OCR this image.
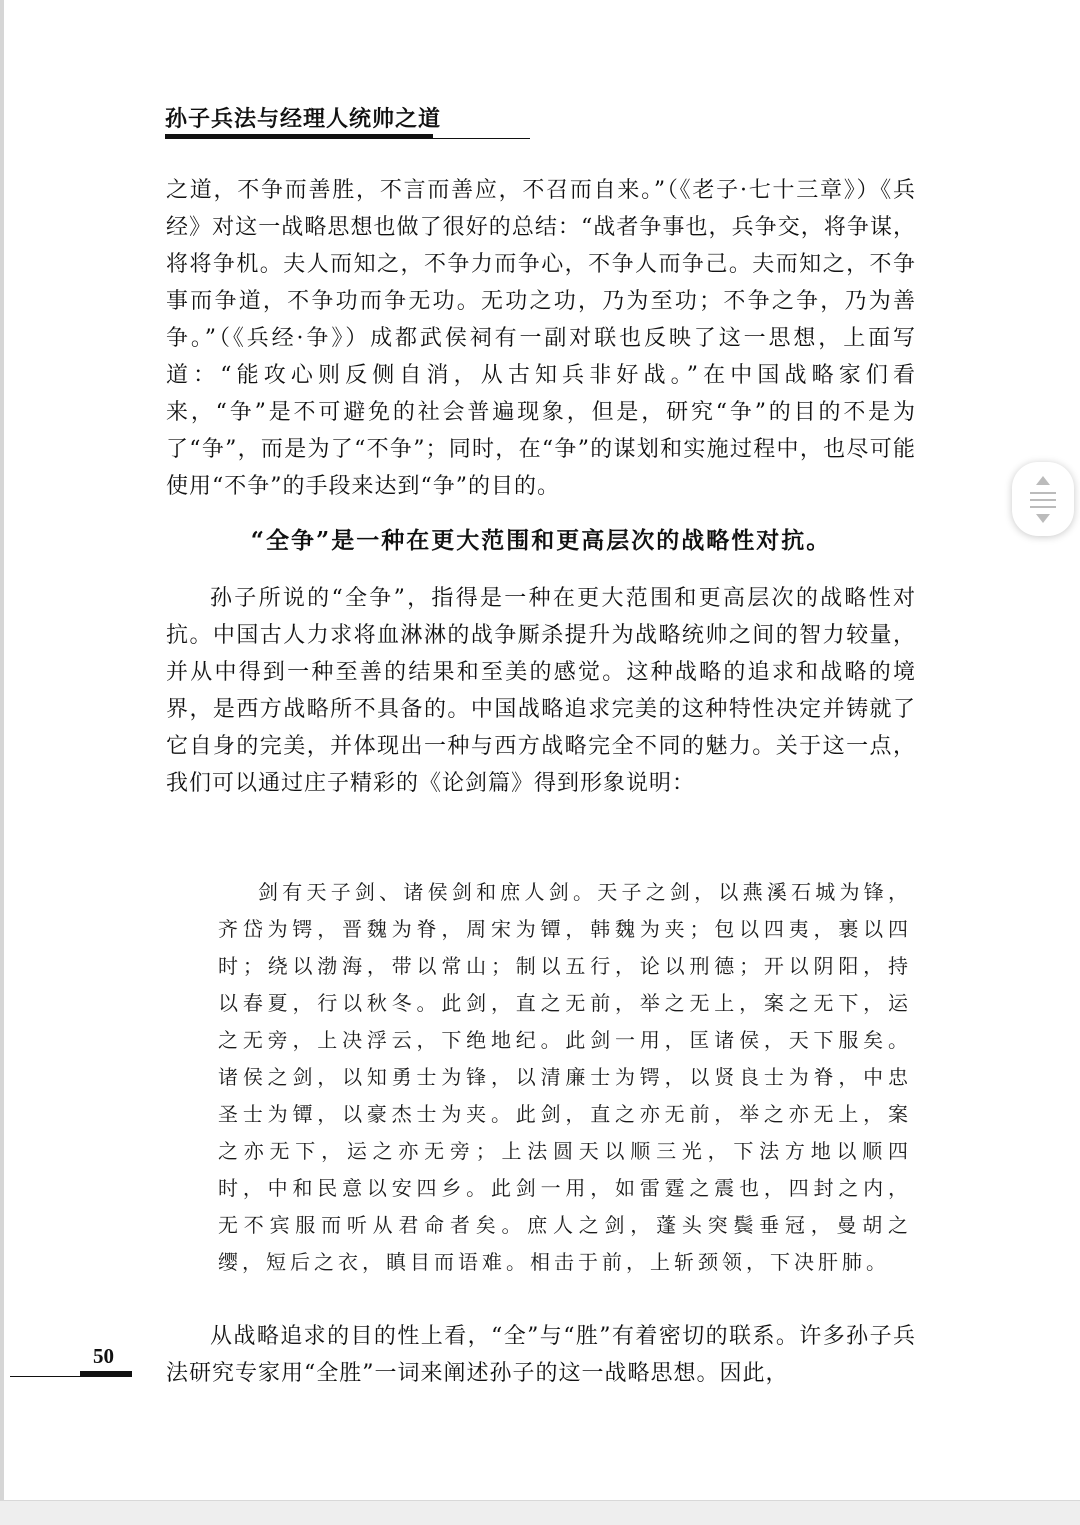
孙子兵法与经理人统帅之道
之道，不争而善胜，不言而善应，不召而自来。”（《老子·七十三章》）《兵经》对这一战略思想也做了很好的总结：“战者争事也，兵争交，将争谋，将将争机。夫人而知之，不争力而争心，不争人而争己。夫而知之，不争事而争道，不争功而争无功。无功之功，乃为至功；不争之争，乃为善争。”（《兵经·争》）成都武侯祠有一副对联也反映了这一思想，上面写道：“能攻心则反侧自消，从古知兵非好战。”在中国战略家们看来，“争”是不可避免的社会普遍现象，但是，研究“争”的目的不是为了“争”，而是为了“不争”；同时，在“争”的谋划和实施过程中，也尽可能使用“不争”的手段来达到“争”的目的。
“全争”是一种在更大范围和更高层次的战略性对抗。
孙子所说的“全争”，指得是一种在更大范围和更高层次的战略性对抗。中国古人力求将血淋淋的战争厮杀提升为战略统帅之间的智力较量，并从中得到一种至善的结果和至美的感觉。这种战略的追求和战略的境界，是西方战略所不具备的。中国战略追求完美的这种特性决定并铸就了它自身的完美，并体现出一种与西方战略完全不同的魅力。关于这一点，我们可以通过庄子精彩的《论剑篇》得到形象说明：
剑有天子剑、诸侯剑和庶人剑。天子之剑，以燕溪石城为锋，齐岱为锷，晋魏为脊，周宋为镡，韩魏为夹；包以四夷，裹以四时；绕以渤海，带以常山；制以五行，论以刑德；开以阴阳，持以春夏，行以秋冬。此剑，直之无前，举之无上，案之无下，运之无旁，上决浮云，下绝地纪。此剑一用，匡诸侯，天下服矣。诸侯之剑，以知勇士为锋，以清廉士为锷，以贤良士为脊，中忠圣士为镡，以豪杰士为夹。此剑，直之亦无前，举之亦无上，案之亦无下，运之亦无旁；上法圆天以顺三光，下法方地以顺四时，中和民意以安四乡。此剑一用，如雷霆之震也，四封之内，无不宾服而听从君命者矣。庶人之剑，蓬头突鬓垂冠，曼胡之缨，短后之衣，瞋目而语难。相击于前，上斩颈领，下决肝肺。
从战略追求的目的性上看，“全”与“胜”有着密切的联系。许多孙子兵法研究专家用“全胜”一词来阐述孙子的这一战略思想。因此，
50
